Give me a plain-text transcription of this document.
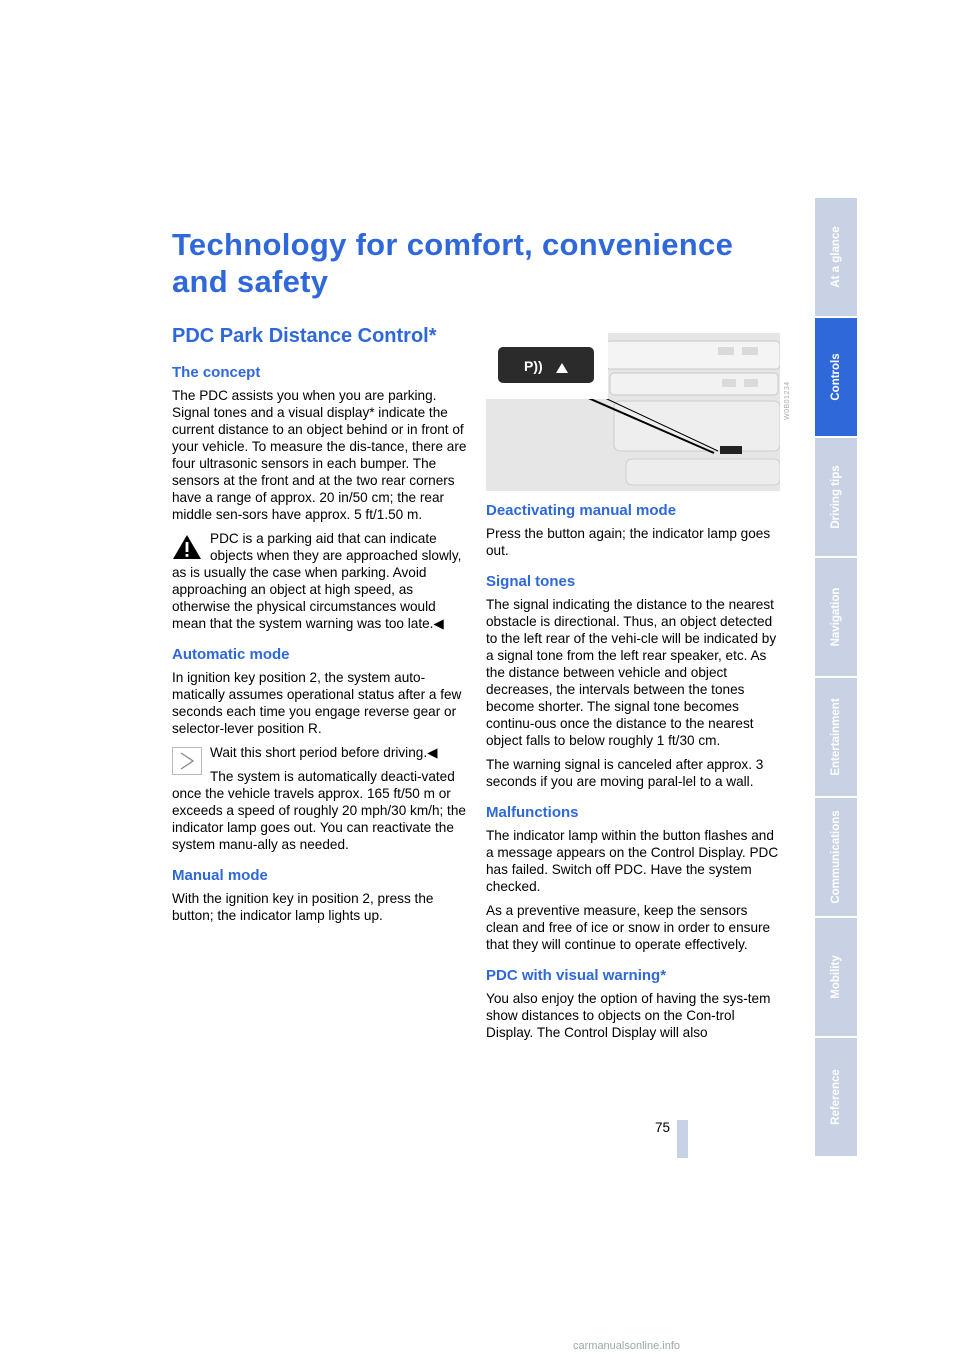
Technology for comfort, convenience and safety
PDC Park Distance Control*
The concept

The PDC assists you when you are parking. Signal tones and a visual display* indicate the current distance to an object behind or in front of your vehicle. To measure the dis-tance, there are four ultrasonic sensors in each bumper. The sensors at the front and at the two rear corners have a range of approx. 20 in/50 cm; the rear middle sen-sors have approx. 5 ft/1.50 m.

PDC is a parking aid that can indicate objects when they are approached slowly, as is usually the case when parking. Avoid approaching an object at high speed, as otherwise the physical circumstances would mean that the system warning was too late.◀

Automatic mode

In ignition key position 2, the system auto-matically assumes operational status after a few seconds each time you engage reverse gear or selector-lever position R.

Wait this short period before driving.◀

The system is automatically deacti-vated once the vehicle travels approx. 165 ft/50 m or exceeds a speed of roughly 20 mph/30 km/h; the indicator lamp goes out. You can reactivate the system manu-ally as needed.

Manual mode

With the ignition key in position 2, press the button; the indicator lamp lights up.

P))
W0B01234
Deactivating manual mode

Press the button again; the indicator lamp goes out.

Signal tones

The signal indicating the distance to the nearest obstacle is directional. Thus, an object detected to the left rear of the vehi-cle will be indicated by a signal tone from the left rear speaker, etc. As the distance between vehicle and object decreases, the intervals between the tones become shorter. The signal tone becomes continu-ous once the distance to the nearest object falls to below roughly 1 ft/30 cm.

The warning signal is canceled after approx. 3 seconds if you are moving paral-lel to a wall.

Malfunctions

The indicator lamp within the button flashes and a message appears on the Control Display. PDC has failed. Switch off PDC. Have the system checked.

As a preventive measure, keep the sensors clean and free of ice or snow in order to ensure that they will continue to operate effectively.

PDC with visual warning*

You also enjoy the option of having the sys-tem show distances to objects on the Con-trol Display. The Control Display will also

At a glance
Controls
Driving tips
Navigation
Entertainment
Communications
Mobility
Reference
75
carmanualsonline.info
